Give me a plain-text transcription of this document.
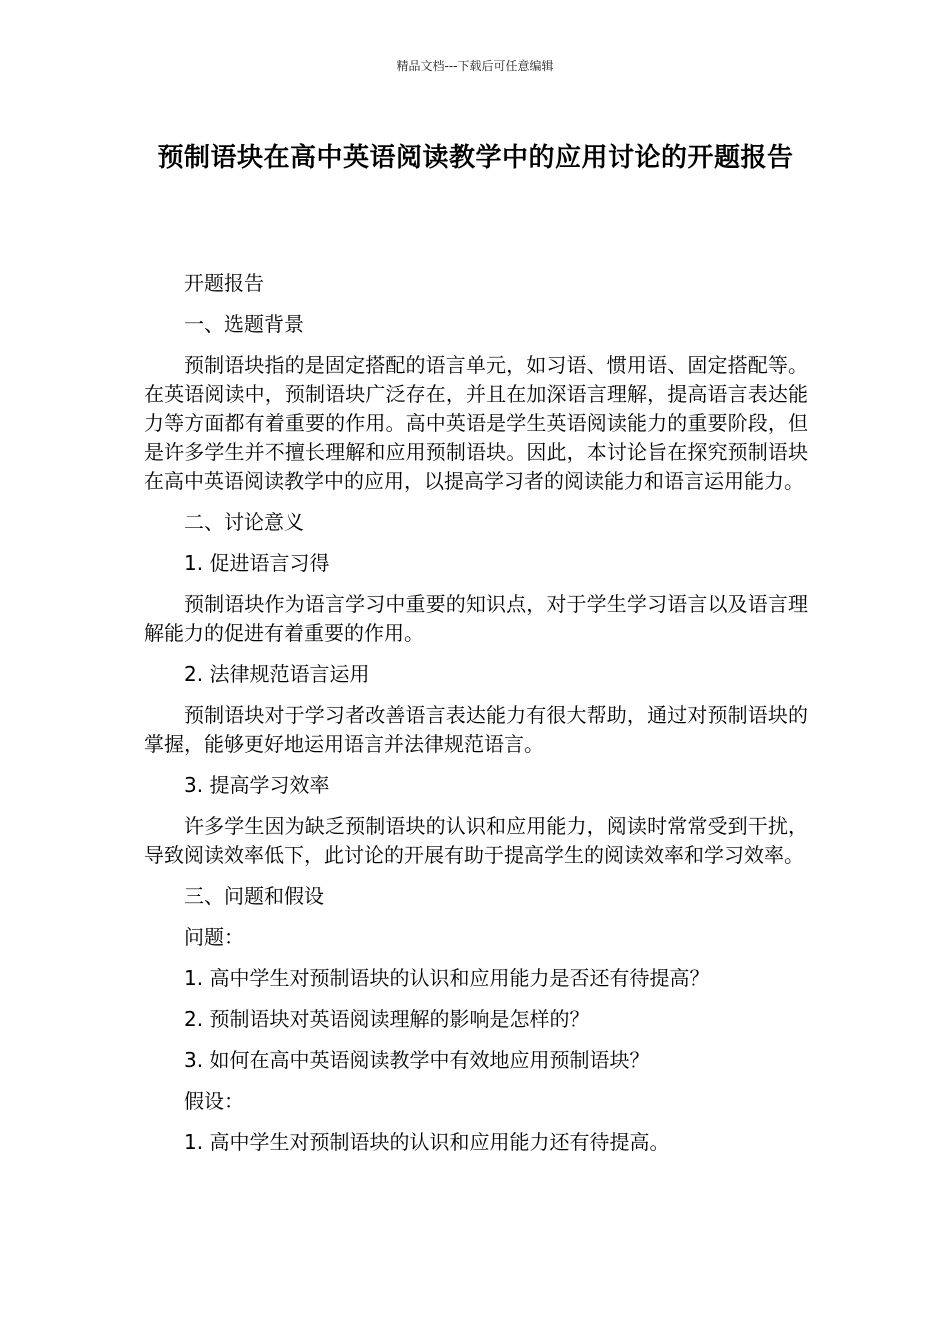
精品文档---下载后可任意编辑
预制语块在高中英语阅读教学中的应用讨论的开题报告

开题报告

一、选题背景

预制语块指的是固定搭配的语言单元，如习语、惯用语、固定搭配等。在英语阅读中，预制语块广泛存在，并且在加深语言理解，提高语言表达能力等方面都有着重要的作用。高中英语是学生英语阅读能力的重要阶段，但是许多学生并不擅长理解和应用预制语块。因此，本讨论旨在探究预制语块在高中英语阅读教学中的应用，以提高学习者的阅读能力和语言运用能力。

二、讨论意义

1. 促进语言习得

预制语块作为语言学习中重要的知识点，对于学生学习语言以及语言理解能力的促进有着重要的作用。

2. 法律规范语言运用

预制语块对于学习者改善语言表达能力有很大帮助，通过对预制语块的掌握，能够更好地运用语言并法律规范语言。

3. 提高学习效率

许多学生因为缺乏预制语块的认识和应用能力，阅读时常常受到干扰，导致阅读效率低下，此讨论的开展有助于提高学生的阅读效率和学习效率。

三、问题和假设

问题：

1. 高中学生对预制语块的认识和应用能力是否还有待提高？

2. 预制语块对英语阅读理解的影响是怎样的？

3. 如何在高中英语阅读教学中有效地应用预制语块？

假设：

1. 高中学生对预制语块的认识和应用能力还有待提高。
